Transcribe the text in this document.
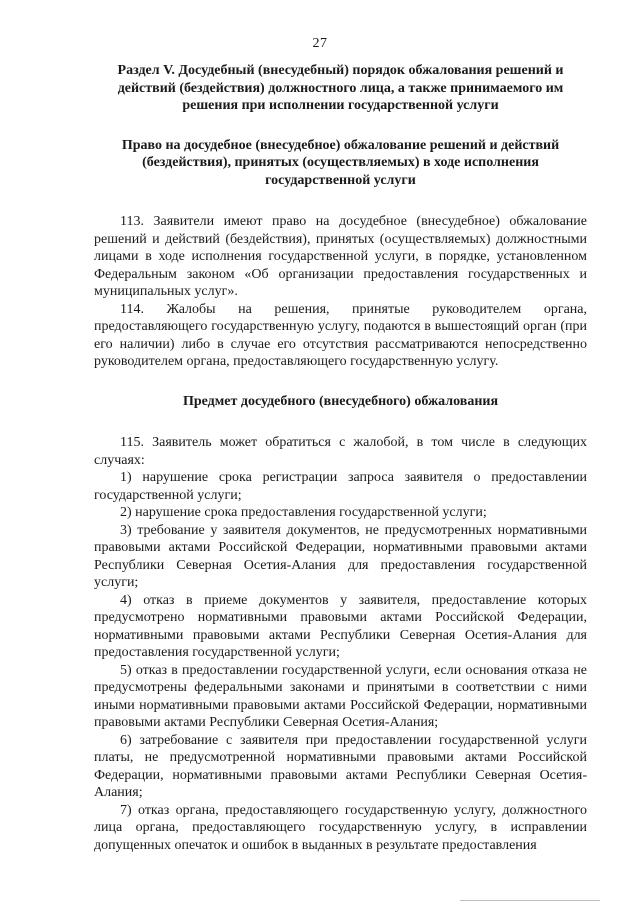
27
Раздел V. Досудебный (внесудебный) порядок обжалования решений и действий (бездействия) должностного лица, а также принимаемого им решения при исполнении государственной услуги
Право на досудебное (внесудебное) обжалование решений и действий (бездействия), принятых (осуществляемых) в ходе исполнения государственной услуги

113. Заявители имеют право на досудебное (внесудебное) обжалование решений и действий (бездействия), принятых (осуществляемых) должностными лицами в ходе исполнения государственной услуги, в порядке, установленном Федеральным законом «Об организации предоставления государственных и муниципальных услуг».

114. Жалобы на решения, принятые руководителем органа, предоставляющего государственную услугу, подаются в вышестоящий орган (при его наличии) либо в случае его отсутствия рассматриваются непосредственно руководителем органа, предоставляющего государственную услугу.

Предмет досудебного (внесудебного) обжалования

115. Заявитель может обратиться с жалобой, в том числе в следующих случаях:

1) нарушение срока регистрации запроса заявителя о предоставлении государственной услуги;

2) нарушение срока предоставления государственной услуги;

3) требование у заявителя документов, не предусмотренных нормативными правовыми актами Российской Федерации, нормативными правовыми актами Республики Северная Осетия-Алания для предоставления государственной услуги;

4) отказ в приеме документов у заявителя, предоставление которых предусмотрено нормативными правовыми актами Российской Федерации, нормативными правовыми актами Республики Северная Осетия-Алания для предоставления государственной услуги;

5) отказ в предоставлении государственной услуги, если основания отказа не предусмотрены федеральными законами и принятыми в соответствии с ними иными нормативными правовыми актами Российской Федерации, нормативными правовыми актами Республики Северная Осетия-Алания;

6) затребование с заявителя при предоставлении государственной услуги платы, не предусмотренной нормативными правовыми актами Российской Федерации, нормативными правовыми актами Республики Северная Осетия-Алания;

7) отказ органа, предоставляющего государственную услугу, должностного лица органа, предоставляющего государственную услугу, в исправлении допущенных опечаток и ошибок в выданных в результате предоставления
